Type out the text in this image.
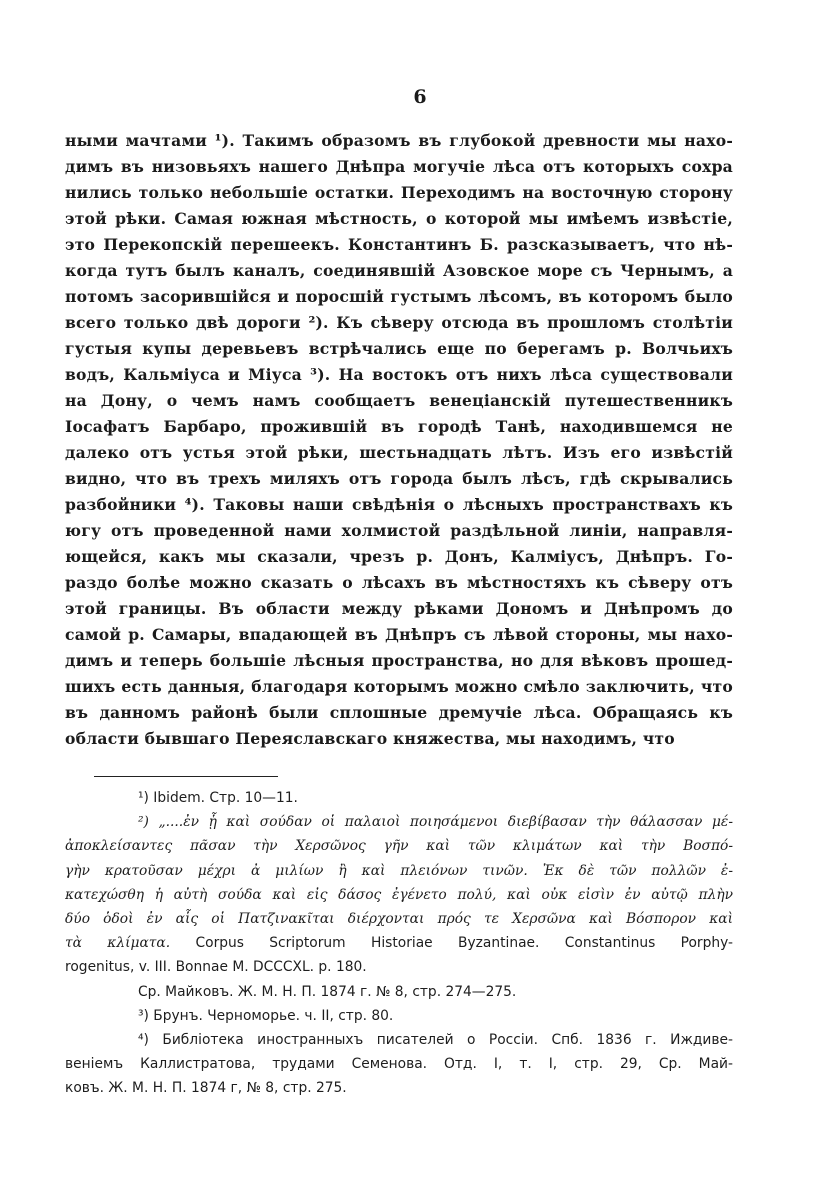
6
ными мачтами ¹). Такимъ образомъ въ глубокой древности мы нахо-
димъ въ низовьяхъ нашего Днѣпра могучіе лѣса отъ которыхъ сохра
нились только небольшіе остатки. Переходимъ на восточную сторону
этой рѣки. Самая южная мѣстность, о которой мы имѣемъ извѣстіе,
это Перекопскій перешеекъ. Константинъ Б. разсказываетъ, что нѣ-
когда тутъ былъ каналъ, соединявшій Азовское море съ Чернымъ, а
потомъ засорившійся и поросшій густымъ лѣсомъ, въ которомъ было
всего только двѣ дороги ²). Къ сѣверу отсюда въ прошломъ столѣтіи
густыя купы деревьевъ встрѣчались еще по берегамъ р. Волчьихъ
водъ, Кальміуса и Міуса ³). На востокъ отъ нихъ лѣса существовали
на Дону, о чемъ намъ сообщаетъ венеціанскій путешественникъ
Іосафатъ Барбаро, прожившій въ городѣ Танѣ, находившемся не
далеко отъ устья этой рѣки, шестьнадцать лѣтъ. Изъ его извѣстій
видно, что въ трехъ миляхъ отъ города былъ лѣсъ, гдѣ скрывались
разбойники ⁴). Таковы наши свѣдѣнія о лѣсныхъ пространствахъ къ
югу отъ проведенной нами холмистой раздѣльной линіи, направля-
ющейся, какъ мы сказали, чрезъ р. Донъ, Калміусъ, Днѣпръ. Го-
раздо болѣе можно сказать о лѣсахъ въ мѣстностяхъ къ сѣверу отъ
этой границы. Въ области между рѣками Дономъ и Днѣпромъ до
самой р. Самары, впадающей въ Днѣпръ съ лѣвой стороны, мы нахо-
димъ и теперь большіе лѣсныя пространства, но для вѣковъ прошед-
шихъ есть данныя, благодаря которымъ можно смѣло заключить, что
въ данномъ районѣ были сплошные дремучіе лѣса. Обращаясь къ
области бывшаго Переяславскаго княжества, мы находимъ, что
¹) Ibidem. Стр. 10—11.
²) „....ἐν ᾗ καὶ σούδαν οἱ παλαιοὶ ποιησάμενοι διεβίβασαν τὴν θάλασσαν μέ-
ἀποκλείσαντες πᾶσαν τὴν Χερσῶνος γῆν καὶ τῶν κλιμάτων καὶ τὴν Βοσπό-
γὴν κρατοῦσαν μέχρι ἀ μιλίων ἢ καὶ πλειόνων τινῶν. Ἐκ δὲ τῶν πολλῶν ἐ-
κατεχώσθη ἡ αὐτὴ σούδα καὶ εἰς δάσος ἐγένετο πολύ, καὶ οὐκ εἰσὶν ἐν αὐτῷ πλὴν
δύο ὁδοὶ ἐν αἷς οἱ Πατζινακῖται διέρχονται πρός τε Χερσῶνα καὶ Βόσπορον καὶ
τὰ κλίματα. Corpus Scriptorum Historiae Byzantinae. Constantinus Porphy-
rogenitus, v. III. Bonnae M. DCCCXL. p. 180.
Ср. Майковъ. Ж. М. Н. П. 1874 г. № 8, стр. 274—275.
³) Брунъ. Черноморье. ч. II, стр. 80.
⁴) Библіотека иностранныхъ писателей о Россіи. Спб. 1836 г. Иждиве-
веніемъ Каллистратова, трудами Семенова. Отд. I, т. I, стр. 29, Ср. Май-
ковъ. Ж. М. Н. П. 1874 г, № 8, стр. 275.
